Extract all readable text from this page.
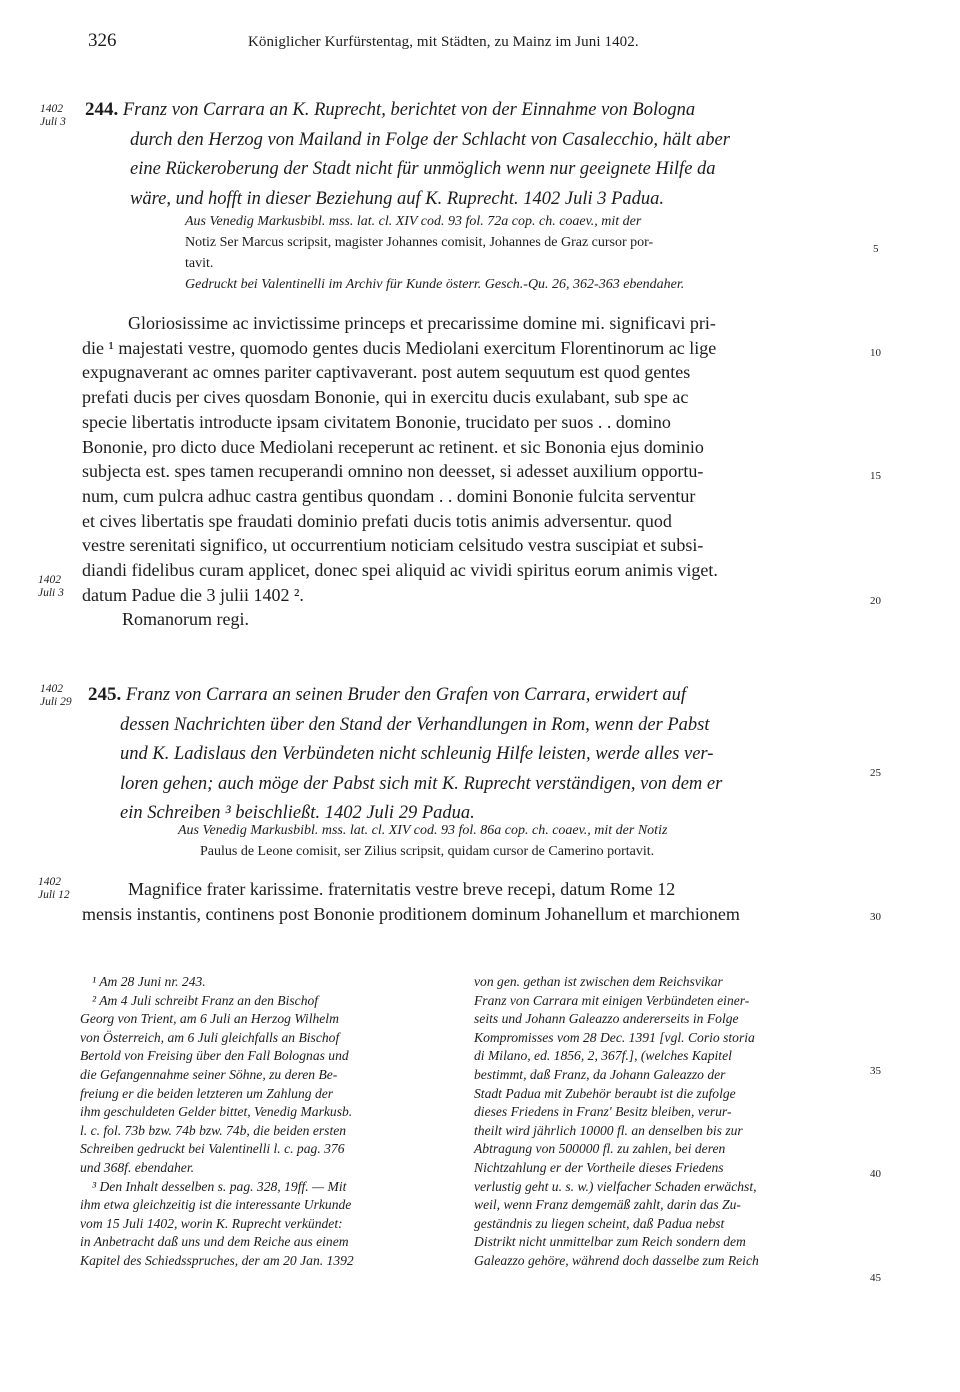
326	Königlicher Kurfürstentag, mit Städten, zu Mainz im Juni 1402.
1402
Juli 3
244. Franz von Carrara an K. Ruprecht, berichtet von der Einnahme von Bologna
durch den Herzog von Mailand in Folge der Schlacht von Casalecchio, hält aber
eine Rückeroberung der Stadt nicht für unmöglich wenn nur geeignete Hilfe da
wäre, und hofft in dieser Beziehung auf K. Ruprecht. 1402 Juli 3 Padua.
Aus Venedig Markusbibl. mss. lat. cl. XIV cod. 93 fol. 72a cop. ch. coaev., mit der
Notiz Ser Marcus scripsit, magister Johannes comisit, Johannes de Graz cursor por-
tavit.
Gedruckt bei Valentinelli im Archiv für Kunde österr. Gesch.-Qu. 26, 362-363 ebendaher.

Gloriosissime ac invictissime princeps et precarissime domine mi. significavi pri-

die ¹ majestati vestre, quomodo gentes ducis Mediolani exercitum Florentinorum ac lige

expugnaverant ac omnes pariter captivaverant. post autem sequutum est quod gentes

prefati ducis per cives quosdam Bononie, qui in exercitu ducis exulabant, sub spe ac

specie libertatis introducte ipsam civitatem Bononie, trucidato per suos . . domino

Bononie, pro dicto duce Mediolani receperunt ac retinent. et sic Bononia ejus dominio

subjecta est. spes tamen recuperandi omnino non deesset, si adesset auxilium opportu-

num, cum pulcra adhuc castra gentibus quondam . . domini Bononie fulcita serventur

et cives libertatis spe fraudati dominio prefati ducis totis animis adversentur. quod

vestre serenitati significo, ut occurrentium noticiam celsitudo vestra suscipiat et subsi-

diandi fidelibus curam applicet, donec spei aliquid ac vividi spiritus eorum animis viget.

datum Padue die 3 julii 1402 ².

Romanorum regi.

1402
Juli 3
1402
Juli 29 245. Franz von Carrara an seinen Bruder den Grafen von Carrara, erwidert auf
dessen Nachrichten über den Stand der Verhandlungen in Rom, wenn der Pabst
und K. Ladislaus den Verbündeten nicht schleunig Hilfe leisten, werde alles ver-
loren gehen; auch möge der Pabst sich mit K. Ruprecht verständigen, von dem er
ein Schreiben ³ beischließt. 1402 Juli 29 Padua.
Aus Venedig Markusbibl. mss. lat. cl. XIV cod. 93 fol. 86a cop. ch. coaev., mit der Notiz
Paulus de Leone comisit, ser Zilius scripsit, quidam cursor de Camerino portavit.
1402
Juli 12	Magnifice frater karissime. fraternitatis vestre breve recepi, datum Rome 12

mensis instantis, continens post Bononie proditionem dominum Johanellum et marchionem

5
10
15
20
25
30
35
40
45

¹ Am 28 Juni nr. 243.

² Am 4 Juli schreibt Franz an den Bischof

Georg von Trient, am 6 Juli an Herzog Wilhelm

von Österreich, am 6 Juli gleichfalls an Bischof

Bertold von Freising über den Fall Bolognas und

die Gefangennahme seiner Söhne, zu deren Be-

freiung er die beiden letzteren um Zahlung der

ihm geschuldeten Gelder bittet, Venedig Markusb.

l. c. fol. 73b bzw. 74b bzw. 74b, die beiden ersten

Schreiben gedruckt bei Valentinelli l. c. pag. 376

und 368f. ebendaher.

³ Den Inhalt desselben s. pag. 328, 19ff. — Mit

ihm etwa gleichzeitig ist die interessante Urkunde

vom 15 Juli 1402, worin K. Ruprecht verkündet:

in Anbetracht daß uns und dem Reiche aus einem

Kapitel des Schiedsspruches, der am 20 Jan. 1392

von gen. gethan ist zwischen dem Reichsvikar

Franz von Carrara mit einigen Verbündeten einer-

seits und Johann Galeazzo andererseits in Folge

Kompromisses vom 28 Dec. 1391 [vgl. Corio storia

di Milano, ed. 1856, 2, 367f.], (welches Kapitel

bestimmt, daß Franz, da Johann Galeazzo der

Stadt Padua mit Zubehör beraubt ist die zufolge

dieses Friedens in Franz' Besitz bleiben, verur-

theilt wird jährlich 10000 fl. an denselben bis zur

Abtragung von 500000 fl. zu zahlen, bei deren

Nichtzahlung er der Vortheile dieses Friedens

verlustig geht u. s. w.) vielfacher Schaden erwächst,

weil, wenn Franz demgemäß zahlt, darin das Zu-

geständnis zu liegen scheint, daß Padua nebst

Distrikt nicht unmittelbar zum Reich sondern dem

Galeazzo gehöre, während doch dasselbe zum Reich
